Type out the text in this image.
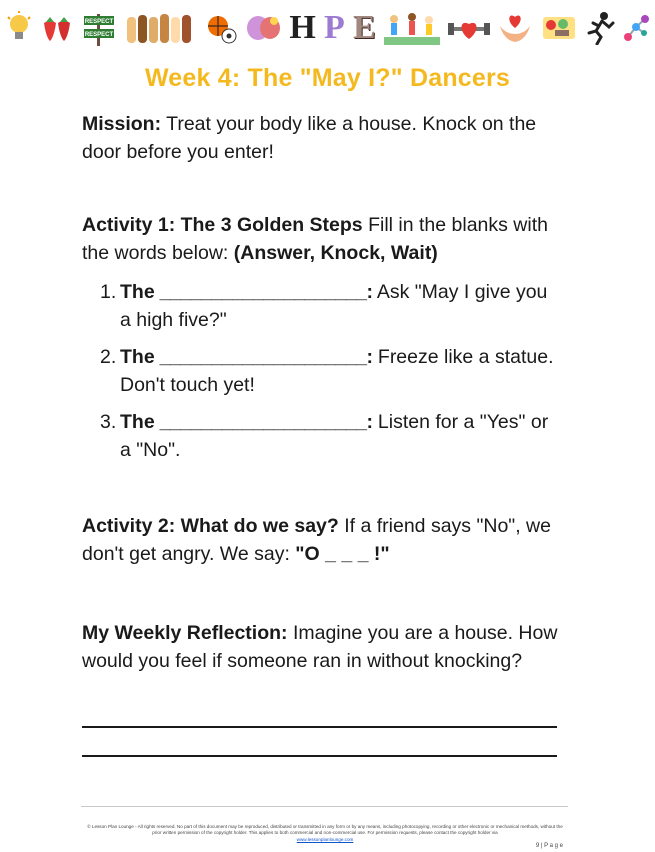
RESPECT
RESPECT	H P E
Week 4: The "May I?" Dancers
Mission: Treat your body like a house. Knock on the door before you enter!
Activity 1: The 3 Golden Steps Fill in the blanks with the words below: (Answer, Knock, Wait)
1. The ____________________: Ask "May I give you a high five?"
2. The ____________________: Freeze like a statue. Don't touch yet!
3. The ____________________: Listen for a "Yes" or a "No".
Activity 2: What do we say? If a friend says "No", we don't get angry. We say: "O _ _ _ !"
My Weekly Reflection: Imagine you are a house. How would you feel if someone ran in without knocking?
© Lesson Plan Lounge - All rights reserved. No part of this document may be reproduced, distributed or transmitted in any form or by any means, including photocopying, recording or other electronic or mechanical methods, without the prior written permission of the copyright holder. This applies to both commercial and non-commercial use. For permission requests, please contact the copyright holder via
www.lessonplanlounge.com
9 | P a g e
